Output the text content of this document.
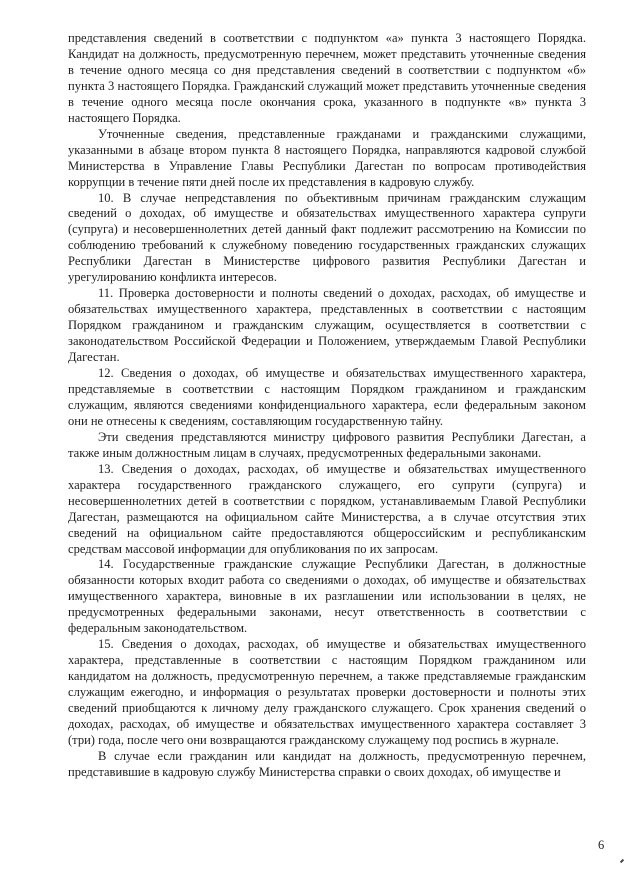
представления сведений в соответствии с подпунктом «а» пункта 3 настоящего Порядка. Кандидат на должность, предусмотренную перечнем, может представить уточненные сведения в течение одного месяца со дня представления сведений в соответствии с подпунктом «б» пункта 3 настоящего Порядка. Гражданский служащий может представить уточненные сведения в течение одного месяца после окончания срока, указанного в подпункте «в» пункта 3 настоящего Порядка.

Уточненные сведения, представленные гражданами и гражданскими служащими, указанными в абзаце втором пункта 8 настоящего Порядка, направляются кадровой службой Министерства в Управление Главы Республики Дагестан по вопросам противодействия коррупции в течение пяти дней после их представления в кадровую службу.

10. В случае непредставления по объективным причинам гражданским служащим сведений о доходах, об имуществе и обязательствах имущественного характера супруги (супруга) и несовершеннолетних детей данный факт подлежит рассмотрению на Комиссии по соблюдению требований к служебному поведению государственных гражданских служащих Республики Дагестан в Министерстве цифрового развития Республики Дагестан и урегулированию конфликта интересов.

11. Проверка достоверности и полноты сведений о доходах, расходах, об имуществе и обязательствах имущественного характера, представленных в соответствии с настоящим Порядком гражданином и гражданским служащим, осуществляется в соответствии с законодательством Российской Федерации и Положением, утверждаемым Главой Республики Дагестан.

12. Сведения о доходах, об имуществе и обязательствах имущественного характера, представляемые в соответствии с настоящим Порядком гражданином и гражданским служащим, являются сведениями конфиденциального характера, если федеральным законом они не отнесены к сведениям, составляющим государственную тайну.

Эти сведения представляются министру цифрового развития Республики Дагестан, а также иным должностным лицам в случаях, предусмотренных федеральными законами.

13. Сведения о доходах, расходах, об имуществе и обязательствах имущественного характера государственного гражданского служащего, его супруги (супруга) и несовершеннолетних детей в соответствии с порядком, устанавливаемым Главой Республики Дагестан, размещаются на официальном сайте Министерства, а в случае отсутствия этих сведений на официальном сайте предоставляются общероссийским и республиканским средствам массовой информации для опубликования по их запросам.

14. Государственные гражданские служащие Республики Дагестан, в должностные обязанности которых входит работа со сведениями о доходах, об имуществе и обязательствах имущественного характера, виновные в их разглашении или использовании в целях, не предусмотренных федеральными законами, несут ответственность в соответствии с федеральным законодательством.

15. Сведения о доходах, расходах, об имуществе и обязательствах имущественного характера, представленные в соответствии с настоящим Порядком гражданином или кандидатом на должность, предусмотренную перечнем, а также представляемые гражданским служащим ежегодно, и информация о результатах проверки достоверности и полноты этих сведений приобщаются к личному делу гражданского служащего. Срок хранения сведений о доходах, расходах, об имуществе и обязательствах имущественного характера составляет 3 (три) года, после чего они возвращаются гражданскому служащему под роспись в журнале.

В случае если гражданин или кандидат на должность, предусмотренную перечнем, представившие в кадровую службу Министерства справки о своих доходах, об имуществе и

6
